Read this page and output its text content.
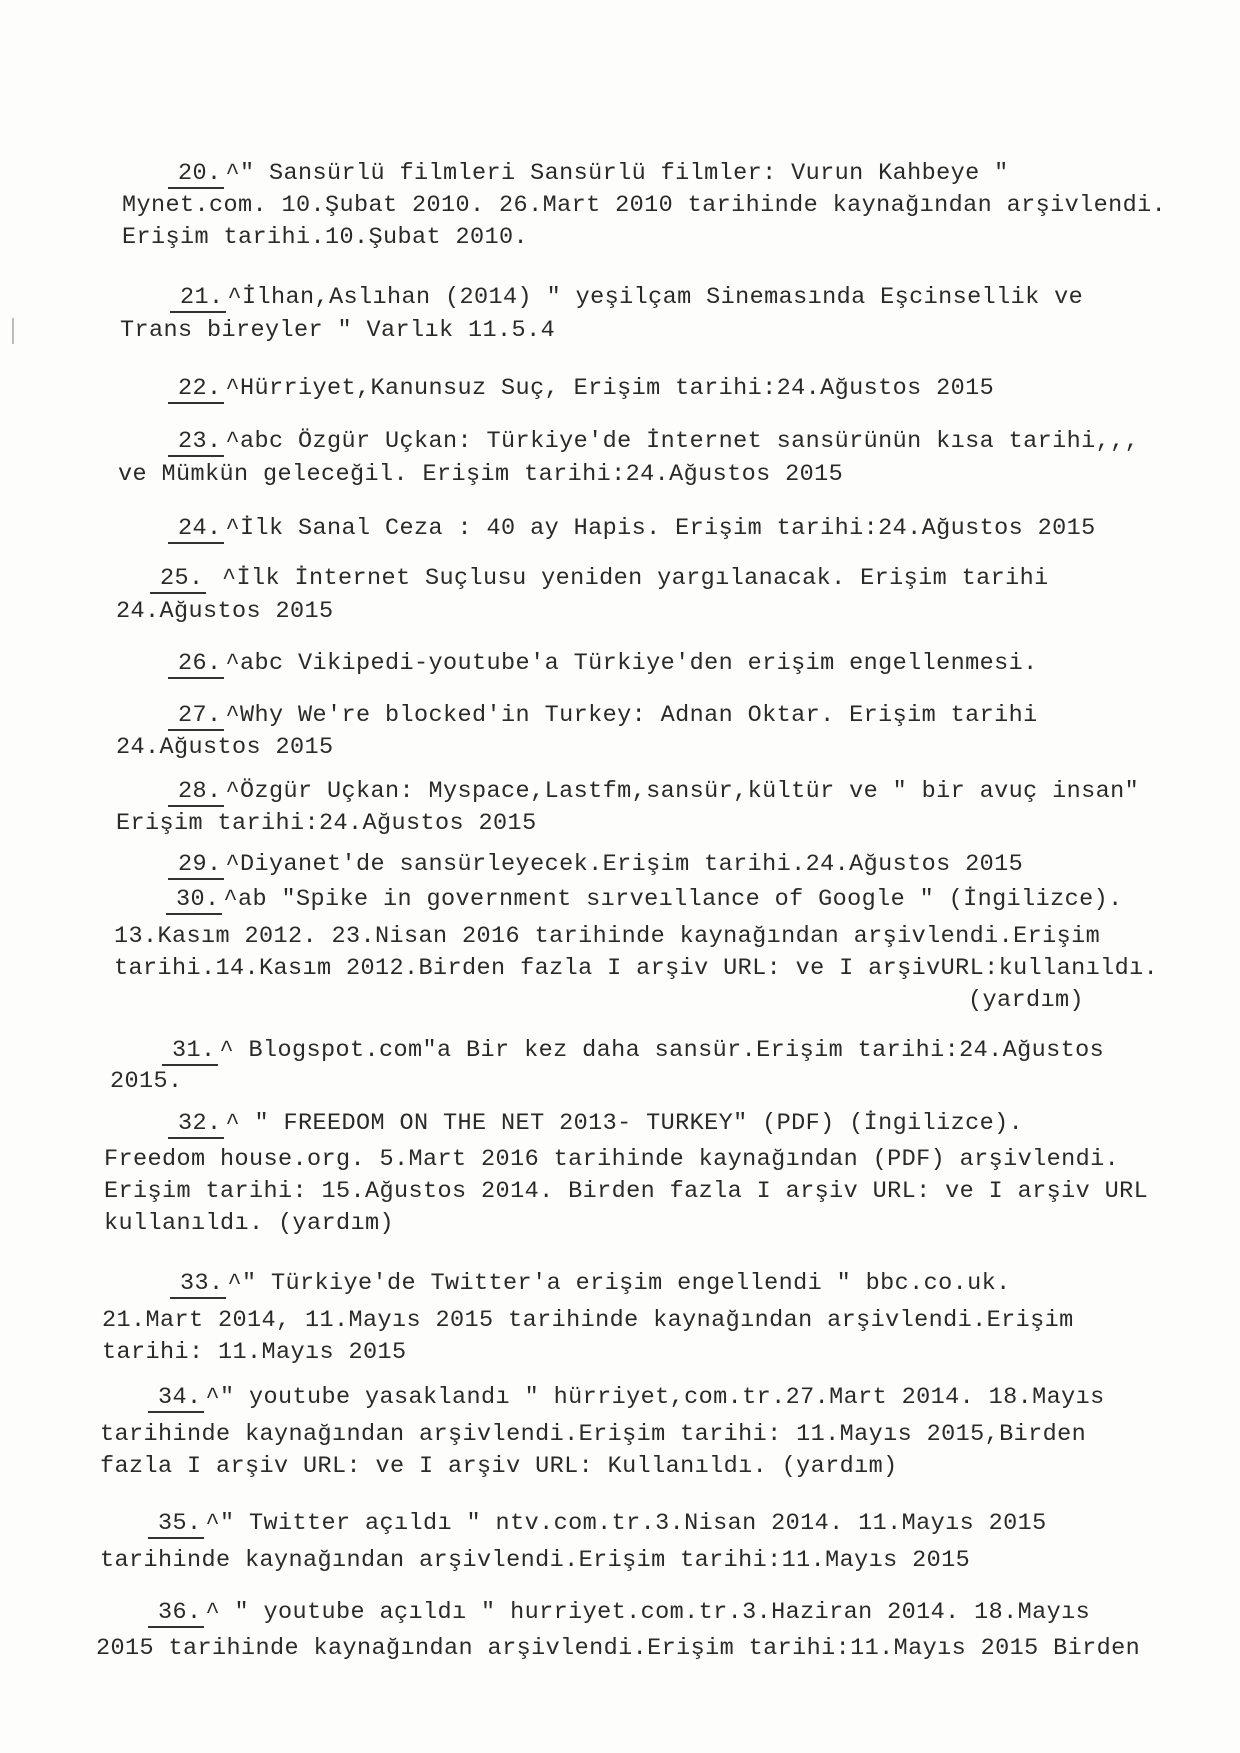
20. ^" Sansürlü filmleri Sansürlü filmler: Vurun Kahbeye "
Mynet.com. 10.Şubat 2010. 26.Mart 2010 tarihinde kaynağından arşivlendi.
Erişim tarihi.10.Şubat 2010.
21. ^İlhan,Aslıhan (2014) " yeşilçam Sinemasında Eşcinsellik ve
Trans bireyler " Varlık 11.5.4
22. ^Hürriyet,Kanunsuz Suç, Erişim tarihi:24.Ağustos 2015
23. ^abc Özgür Uçkan: Türkiye'de İnternet sansürünün kısa tarihi,,,
ve Mümkün geleceğil. Erişim tarihi:24.Ağustos 2015
24. ^İlk Sanal Ceza : 40 ay Hapis. Erişim tarihi:24.Ağustos 2015
25. ^İlk İnternet Suçlusu yeniden yargılanacak. Erişim tarihi
24.Ağustos 2015
26. ^abc Vikipedi-youtube'a Türkiye'den erişim engellenmesi.
27. ^Why We're blocked'in Turkey: Adnan Oktar. Erişim tarihi
24.Ağustos 2015
28. ^Özgür Uçkan: Myspace,Lastfm,sansür,kültür ve " bir avuç insan"
Erişim tarihi:24.Ağustos 2015
29. ^Diyanet'de sansürleyecek.Erişim tarihi.24.Ağustos 2015
30. ^ab "Spike in government sırveıllance of Google " (İngilizce).
13.Kasım 2012. 23.Nisan 2016 tarihinde kaynağından arşivlendi.Erişim
tarihi.14.Kasım 2012.Birden fazla I arşiv URL: ve I arşivURL:kullanıldı.
(yardım)
31. ^ Blogspot.com"a Bir kez daha sansür.Erişim tarihi:24.Ağustos
2015.
32. ^ " FREEDOM ON THE NET 2013- TURKEY" (PDF) (İngilizce).
Freedom house.org. 5.Mart 2016 tarihinde kaynağından (PDF) arşivlendi.
Erişim tarihi: 15.Ağustos 2014. Birden fazla I arşiv URL: ve I arşiv URL
kullanıldı. (yardım)
33. ^" Türkiye'de Twitter'a erişim engellendi " bbc.co.uk.
21.Mart 2014, 11.Mayıs 2015 tarihinde kaynağından arşivlendi.Erişim
tarihi: 11.Mayıs 2015
34. ^" youtube yasaklandı " hürriyet,com.tr.27.Mart 2014. 18.Mayıs
tarihinde kaynağından arşivlendi.Erişim tarihi: 11.Mayıs 2015,Birden
fazla I arşiv URL: ve I arşiv URL: Kullanıldı. (yardım)
35. ^" Twitter açıldı " ntv.com.tr.3.Nisan 2014. 11.Mayıs 2015
tarihinde kaynağından arşivlendi.Erişim tarihi:11.Mayıs 2015
36. ^ " youtube açıldı " hurriyet.com.tr.3.Haziran 2014. 18.Mayıs
2015 tarihinde kaynağından arşivlendi.Erişim tarihi:11.Mayıs 2015 Birden
